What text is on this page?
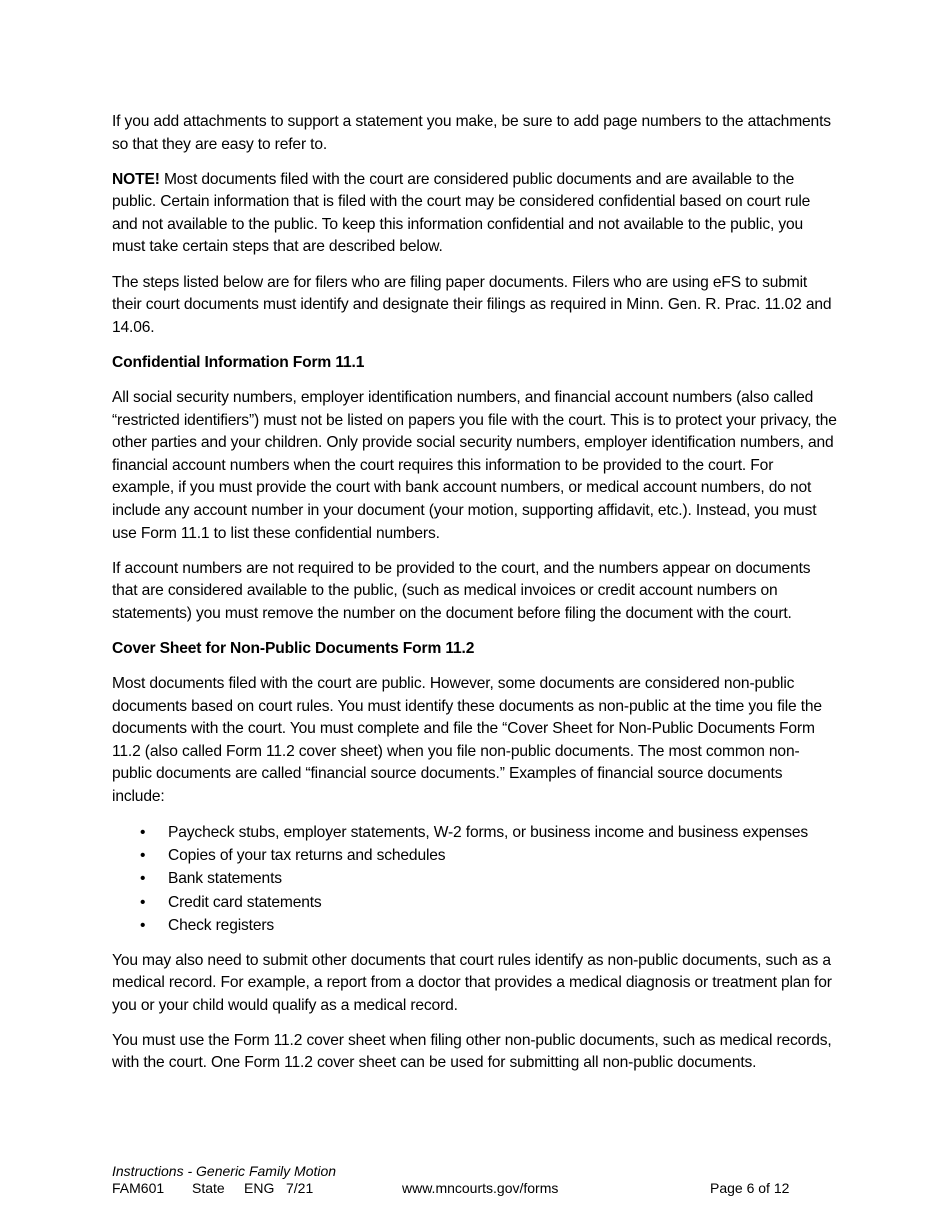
If you add attachments to support a statement you make, be sure to add page numbers to the attachments so that they are easy to refer to.

NOTE! Most documents filed with the court are considered public documents and are available to the public. Certain information that is filed with the court may be considered confidential based on court rule and not available to the public. To keep this information confidential and not available to the public, you must take certain steps that are described below.

The steps listed below are for filers who are filing paper documents. Filers who are using eFS to submit their court documents must identify and designate their filings as required in Minn. Gen. R. Prac. 11.02 and 14.06.

Confidential Information Form 11.1

All social security numbers, employer identification numbers, and financial account numbers (also called “restricted identifiers”) must not be listed on papers you file with the court. This is to protect your privacy, the other parties and your children. Only provide social security numbers, employer identification numbers, and financial account numbers when the court requires this information to be provided to the court. For example, if you must provide the court with bank account numbers, or medical account numbers, do not include any account number in your document (your motion, supporting affidavit, etc.). Instead, you must use Form 11.1 to list these confidential numbers.

If account numbers are not required to be provided to the court, and the numbers appear on documents that are considered available to the public, (such as medical invoices or credit account numbers on statements) you must remove the number on the document before filing the document with the court.

Cover Sheet for Non-Public Documents Form 11.2

Most documents filed with the court are public. However, some documents are considered non-public documents based on court rules. You must identify these documents as non-public at the time you file the documents with the court. You must complete and file the “Cover Sheet for Non-Public Documents Form 11.2 (also called Form 11.2 cover sheet) when you file non-public documents. The most common non-public documents are called “financial source documents.” Examples of financial source documents include:

• Paycheck stubs, employer statements, W-2 forms, or business income and business expenses
• Copies of your tax returns and schedules
• Bank statements
• Credit card statements
• Check registers

You may also need to submit other documents that court rules identify as non-public documents, such as a medical record. For example, a report from a doctor that provides a medical diagnosis or treatment plan for you or your child would qualify as a medical record.

You must use the Form 11.2 cover sheet when filing other non-public documents, such as medical records, with the court. One Form 11.2 cover sheet can be used for submitting all non-public documents.

Instructions - Generic Family Motion
FAM601 State ENG 7/21	www.mncourts.gov/forms	Page 6 of 12
